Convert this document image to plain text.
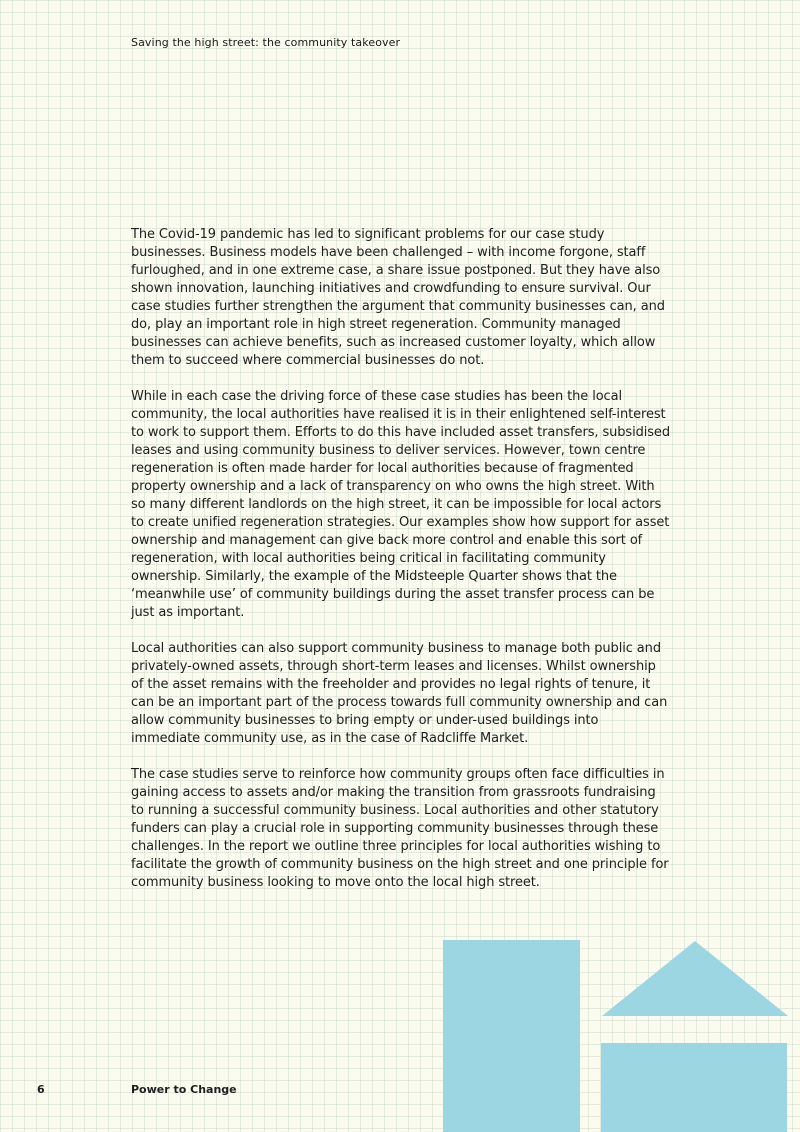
Saving the high street: the community takeover

The Covid-19 pandemic has led to significant problems for our case study businesses. Business models have been challenged – with income forgone, staff furloughed, and in one extreme case, a share issue postponed. But they have also shown innovation, launching initiatives and crowdfunding to ensure survival. Our case studies further strengthen the argument that community businesses can, and do, play an important role in high street regeneration. Community managed businesses can achieve benefits, such as increased customer loyalty, which allow them to succeed where commercial businesses do not.

While in each case the driving force of these case studies has been the local community, the local authorities have realised it is in their enlightened self-interest to work to support them. Efforts to do this have included asset transfers, subsidised leases and using community business to deliver services. However, town centre regeneration is often made harder for local authorities because of fragmented property ownership and a lack of transparency on who owns the high street. With so many different landlords on the high street, it can be impossible for local actors to create unified regeneration strategies. Our examples show how support for asset ownership and management can give back more control and enable this sort of regeneration, with local authorities being critical in facilitating community ownership. Similarly, the example of the Midsteeple Quarter shows that the ‘meanwhile use’ of community buildings during the asset transfer process can be just as important.

Local authorities can also support community business to manage both public and privately-owned assets, through short-term leases and licenses. Whilst ownership of the asset remains with the freeholder and provides no legal rights of tenure, it can be an important part of the process towards full community ownership and can allow community businesses to bring empty or under-used buildings into immediate community use, as in the case of Radcliffe Market.

The case studies serve to reinforce how community groups often face difficulties in gaining access to assets and/or making the transition from grassroots fundraising to running a successful community business. Local authorities and other statutory funders can play a crucial role in supporting community businesses through these challenges. In the report we outline three principles for local authorities wishing to facilitate the growth of community business on the high street and one principle for community business looking to move onto the local high street.

6	Power to Change
